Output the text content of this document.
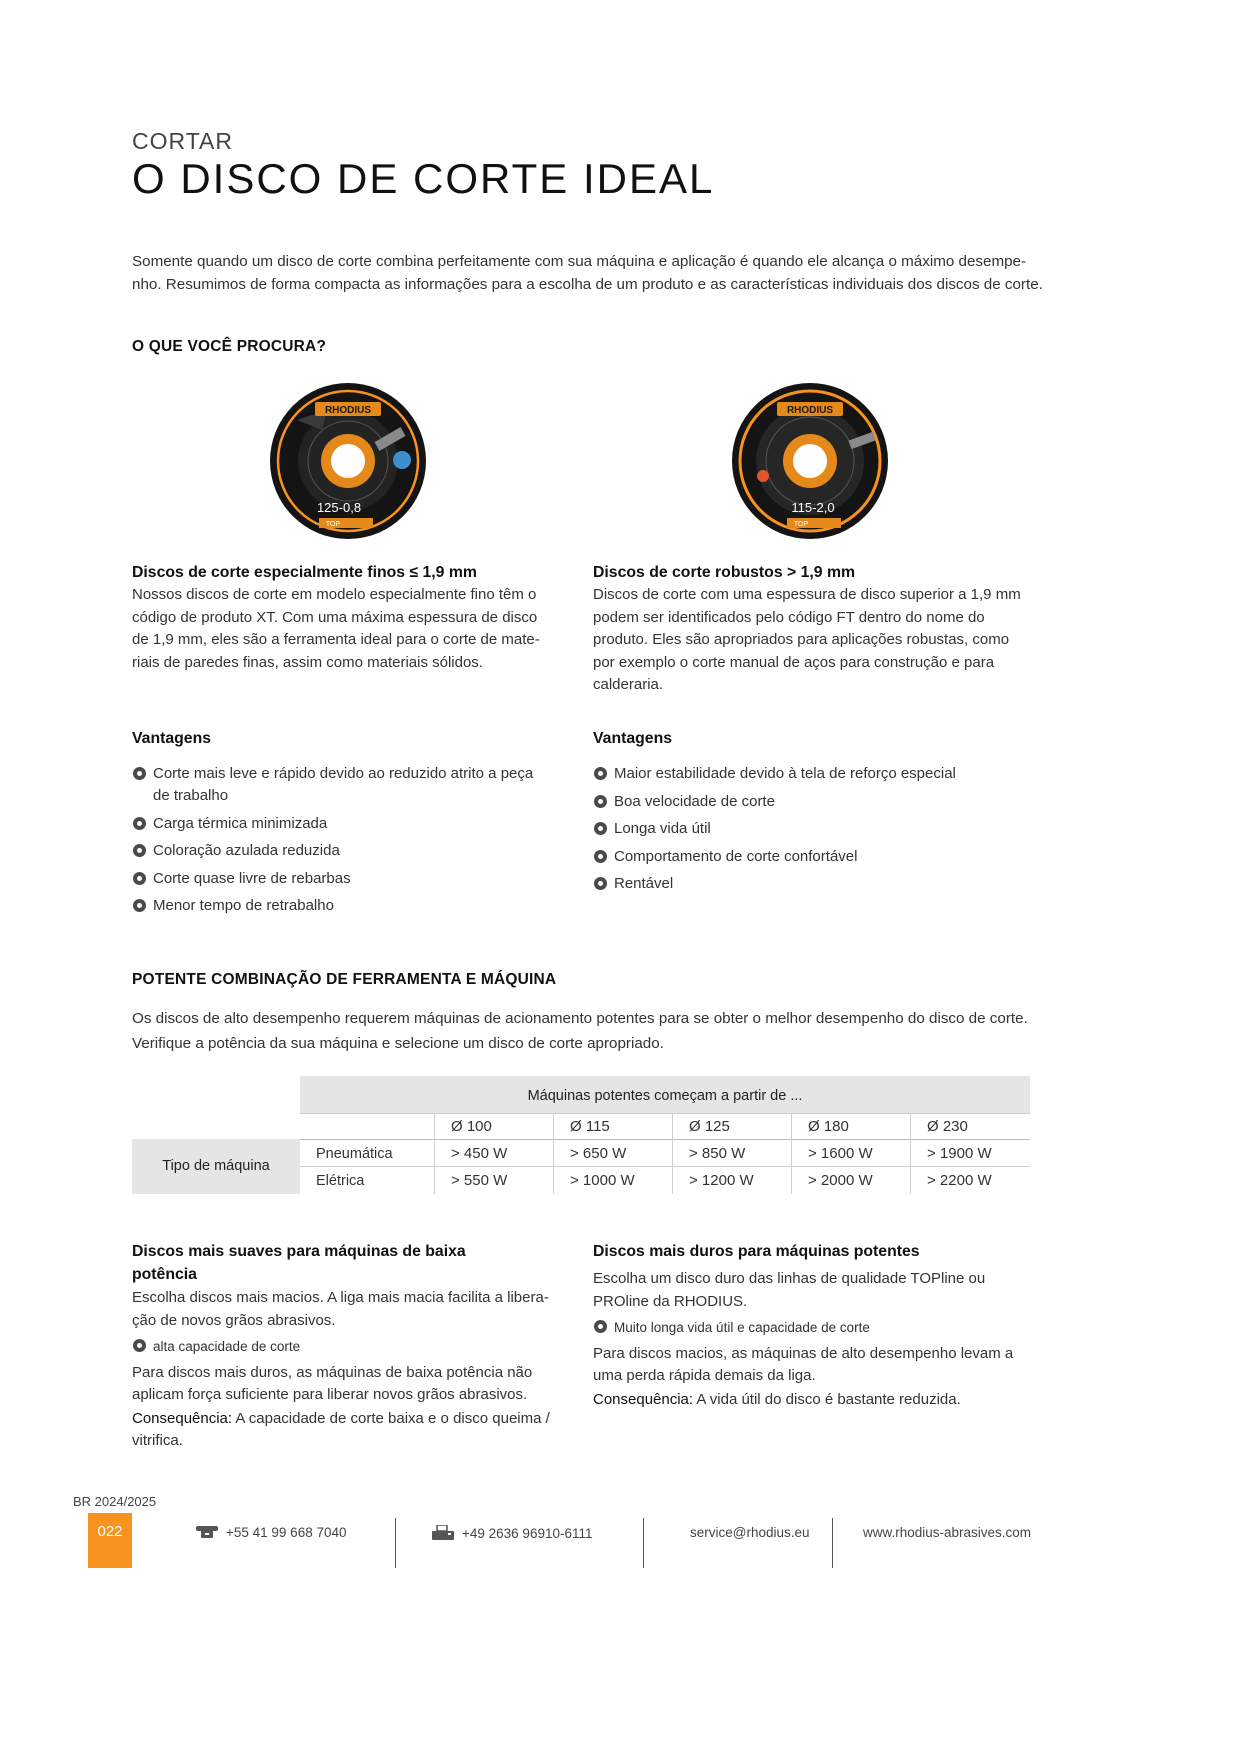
CORTAR
O DISCO DE CORTE IDEAL

Somente quando um disco de corte combina perfeitamente com sua máquina e aplicação é quando ele alcança o máximo desempe-

nho. Resumimos de forma compacta as informações para a escolha de um produto e as características individuais dos discos de corte.

O QUE VOCÊ PROCURA?
RHODIUS
125-0,8
TOP
RHODIUS
115-2,0
TOP
Discos de corte especialmente finos ≤ 1,9 mm
Nossos discos de corte em modelo especialmente fino têm o
código de produto XT. Com uma máxima espessura de disco
de 1,9 mm, eles são a ferramenta ideal para o corte de mate-
riais de paredes finas, assim como materiais sólidos.
Discos de corte robustos > 1,9 mm
Discos de corte com uma espessura de disco superior a 1,9 mm
podem ser identificados pelo código FT dentro do nome do
produto. Eles são apropriados para aplicações robustas, como
por exemplo o corte manual de aços para construção e para
calderaria.
Vantagens
Corte mais leve e rápido devido ao reduzido atrito a peça de trabalho
Carga térmica minimizada
Coloração azulada reduzida
Corte quase livre de rebarbas
Menor tempo de retrabalho
Vantagens
Maior estabilidade devido à tela de reforço especial
Boa velocidade de corte
Longa vida útil
Comportamento de corte confortável
Rentável
POTENTE COMBINAÇÃO DE FERRAMENTA E MÁQUINA

Os discos de alto desempenho requerem máquinas de acionamento potentes para se obter o melhor desempenho do disco de corte.

Verifique a potência da sua máquina e selecione um disco de corte apropriado.

Máquinas potentes começam a partir de ...
Tipo de máquina
Ø 100	Ø 115	Ø 125	Ø 180	Ø 230
Pneumática	> 450 W	> 650 W	> 850 W	> 1600 W	> 1900 W
Elétrica	> 550 W	> 1000 W	> 1200 W	> 2000 W	> 2200 W
Discos mais suaves para máquinas de baixa
potência
Escolha discos mais macios. A liga mais macia facilita a libera-
ção de novos grãos abrasivos.
alta capacidade de corte
Para discos mais duros, as máquinas de baixa potência não
aplicam força suficiente para liberar novos grãos abrasivos.
Consequência: A capacidade de corte baixa e o disco queima /
vitrifica.
Discos mais duros para máquinas potentes
Escolha um disco duro das linhas de qualidade TOPline ou
PROline da RHODIUS.
Muito longa vida útil e capacidade de corte
Para discos macios, as máquinas de alto desempenho levam a
uma perda rápida demais da liga.
Consequência: A vida útil do disco é bastante reduzida.
BR 2024/2025
022	+55 41 99 668 7040	+49 2636 96910-6111	service@rhodius.eu	www.rhodius-abrasives.com
